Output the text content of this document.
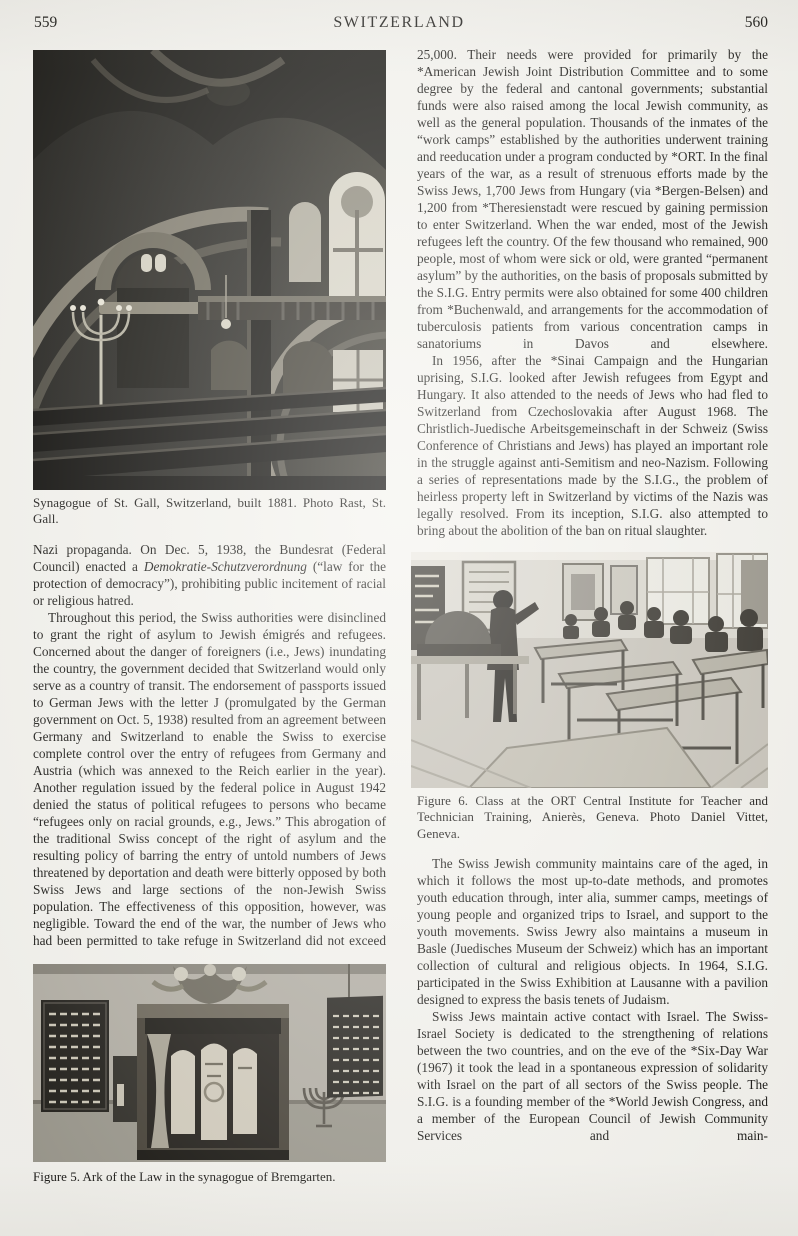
559	SWITZERLAND	560
Synagogue of St. Gall, Switzerland, built 1881. Photo Rast, St. Gall.

Nazi propaganda. On Dec. 5, 1938, the Bundesrat (Federal Council) enacted a Demokratie-Schutzverordnung (“law for the protection of democracy”), prohibiting public incitement of racial or religious hatred.

Throughout this period, the Swiss authorities were disinclined to grant the right of asylum to Jewish émigrés and refugees. Concerned about the danger of foreigners (i.e., Jews) inundating the country, the government decided that Switzerland would only serve as a country of transit. The endorsement of passports issued to German Jews with the letter J (promulgated by the German government on Oct. 5, 1938) resulted from an agreement between Germany and Switzerland to enable the Swiss to exercise complete control over the entry of refugees from Germany and Austria (which was annexed to the Reich earlier in the year). Another regulation issued by the federal police in August 1942 denied the status of political refugees to persons who became “refugees only on racial grounds, e.g., Jews.” This abrogation of the traditional Swiss concept of the right of asylum and the resulting policy of barring the entry of untold numbers of Jews threatened by deportation and death were bitterly opposed by both Swiss Jews and large sections of the non-Jewish Swiss population. The effectiveness of this opposition, however, was negligible. Toward the end of the war, the number of Jews who had been permitted to take refuge in Switzerland did not exceed

Figure 5. Ark of the Law in the synagogue of Bremgarten.

25,000. Their needs were provided for primarily by the *American Jewish Joint Distribution Committee and to some degree by the federal and cantonal governments; substantial funds were also raised among the local Jewish community, as well as the general population. Thousands of the inmates of the “work camps” established by the authorities underwent training and reeducation under a program conducted by *ORT. In the final years of the war, as a result of strenuous efforts made by the Swiss Jews, 1,700 Jews from Hungary (via *Bergen-Belsen) and 1,200 from *Theresienstadt were rescued by gaining permission to enter Switzerland. When the war ended, most of the Jewish refugees left the country. Of the few thousand who remained, 900 people, most of whom were sick or old, were granted “permanent asylum” by the authorities, on the basis of proposals submitted by the S.I.G. Entry permits were also obtained for some 400 children from *Buchenwald, and arrangements for the accommodation of tuberculosis patients from various concentration camps in sanatoriums in Davos and elsewhere.

In 1956, after the *Sinai Campaign and the Hungarian uprising, S.I.G. looked after Jewish refugees from Egypt and Hungary. It also attended to the needs of Jews who had fled to Switzerland from Czechoslovakia after August 1968. The Christlich-Juedische Arbeitsgemeinschaft in der Schweiz (Swiss Conference of Christians and Jews) has played an important role in the struggle against anti-Semitism and neo-Nazism. Following a series of representations made by the S.I.G., the problem of heirless property left in Switzerland by victims of the Nazis was legally resolved. From its inception, S.I.G. also attempted to bring about the abolition of the ban on ritual slaughter.

Figure 6. Class at the ORT Central Institute for Teacher and Technician Training, Anierès, Geneva. Photo Daniel Vittet, Geneva.

The Swiss Jewish community maintains care of the aged, in which it follows the most up-to-date methods, and promotes youth education through, inter alia, summer camps, meetings of young people and organized trips to Israel, and support to the youth movements. Swiss Jewry also maintains a museum in Basle (Juedisches Museum der Schweiz) which has an important collection of cultural and religious objects. In 1964, S.I.G. participated in the Swiss Exhibition at Lausanne with a pavilion designed to express the basis tenets of Judaism.

Swiss Jews maintain active contact with Israel. The Swiss-Israel Society is dedicated to the strengthening of relations between the two countries, and on the eve of the *Six-Day War (1967) it took the lead in a spontaneous expression of solidarity with Israel on the part of all sectors of the Swiss people. The S.I.G. is a founding member of the *World Jewish Congress, and a member of the European Council of Jewish Community Services and main-
